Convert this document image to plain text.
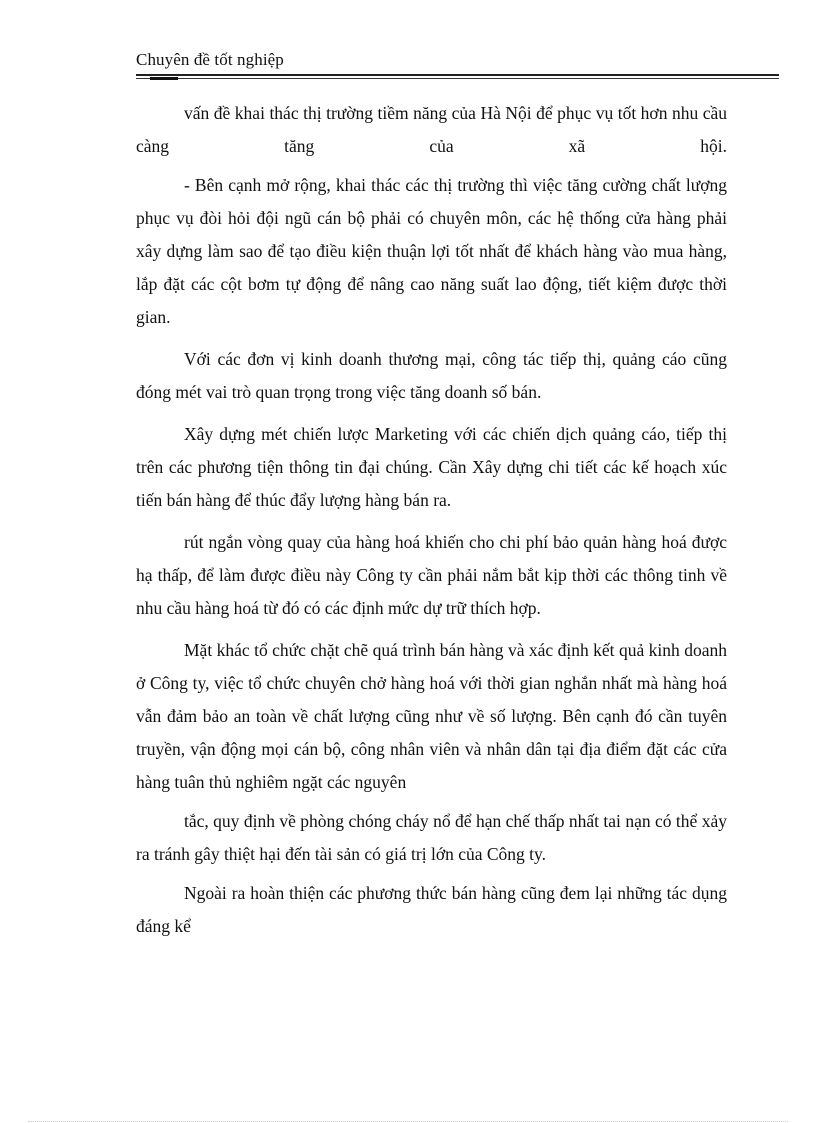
Chuyên đề tốt nghiệp

vấn đề khai thác thị trường tiềm năng của Hà Nội để phục vụ tốt hơn nhu cầu càng tăng của xã hội.

- Bên cạnh mở rộng, khai thác các thị trường thì việc tăng cường chất lượng phục vụ đòi hỏi đội ngũ cán bộ phải có chuyên môn, các hệ thống cửa hàng phải xây dựng làm sao để tạo điều kiện thuận lợi tốt nhất để khách hàng vào mua hàng, lắp đặt các cột bơm tự động để nâng cao năng suất lao động, tiết kiệm được thời gian.

Với các đơn vị kinh doanh thương mại, công tác tiếp thị, quảng cáo cũng đóng mét vai trò quan trọng trong việc tăng doanh số bán.

Xây dựng mét chiến lược Marketing với các chiến dịch quảng cáo, tiếp thị trên các phương tiện thông tin đại chúng. Cần Xây dựng chi tiết các kế hoạch xúc tiến bán hàng để thúc đẩy lượng hàng bán ra.

rút ngắn vòng quay của hàng hoá khiến cho chi phí bảo quản hàng hoá được hạ thấp, để làm được điều này Công ty cần phải nắm bắt kịp thời các thông tinh về nhu cầu hàng hoá từ đó có các định mức dự trữ thích hợp.

Mặt khác tổ chức chặt chẽ quá trình bán hàng và xác định kết quả kinh doanh ở Công ty, việc tổ chức chuyên chở hàng hoá với thời gian nghắn nhất mà hàng hoá vẫn đảm bảo an toàn về chất lượng cũng như về số lượng. Bên cạnh đó cần tuyên truyền, vận động mọi cán bộ, công nhân viên và nhân dân tại địa điểm đặt các cửa hàng tuân thủ nghiêm ngặt các nguyên

tắc, quy định về phòng chóng cháy nổ để hạn chế thấp nhất tai nạn có thể xảy ra tránh gây thiệt hại đến tài sản có giá trị lớn của Công ty.

Ngoài ra hoàn thiện các phương thức bán hàng cũng đem lại những tác dụng đáng kể
